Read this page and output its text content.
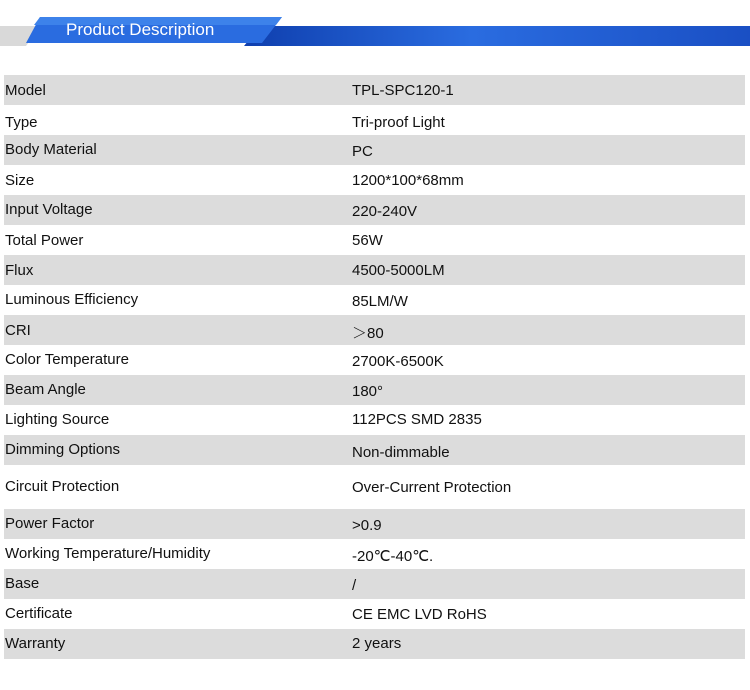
Product Description
Model	TPL-SPC120-1
Type	Tri-proof Light
Body Material	PC
Size	1200*100*68mm
Input Voltage	220-240V
Total Power	56W
Flux	4500-5000LM
Luminous Efficiency	85LM/W
CRI	＞80
Color Temperature	2700K-6500K
Beam Angle	180°
Lighting Source	112PCS SMD 2835
Dimming Options	Non-dimmable
Circuit Protection	Over-Current Protection
Power Factor	>0.9
Working Temperature/Humidity	-20℃-40℃.
Base	/
Certificate	CE EMC LVD RoHS
Warranty	2 years
